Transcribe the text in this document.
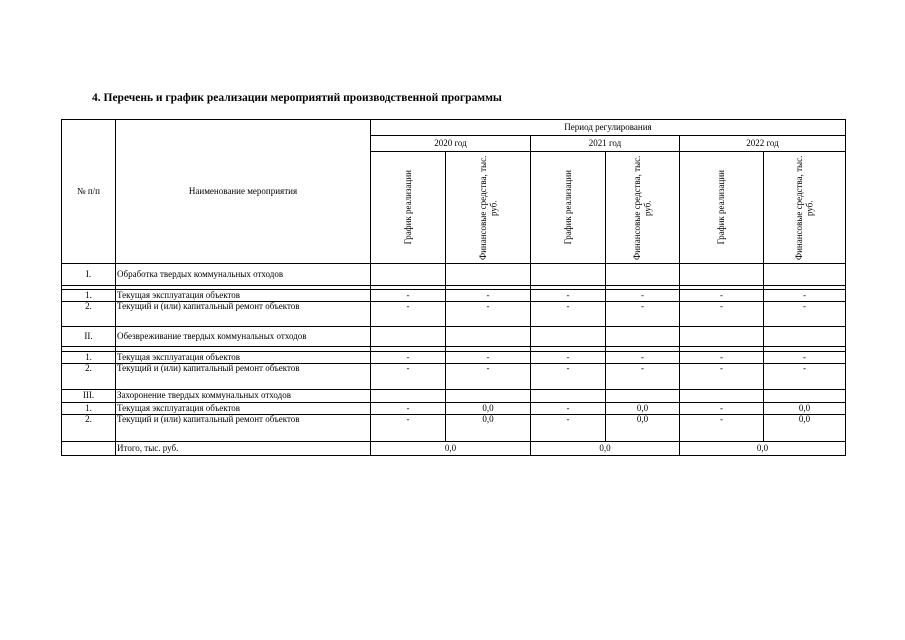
4. Перечень и график реализации мероприятий производственной программы
№ п/п	Наименование мероприятия	Период регулирования					
		2020 год		2021 год		2022 год	

		График реализации	Финансовые средства, тыс. руб.	График реализации	Финансовые средства, тыс. руб.	График реализации	Финансовые средства, тыс. руб.

I.	Обработка твердых коммунальных отходов						

1.	Текущая эксплуатация объектов	-	-	-	-	-	-
2.	Текущий и (или) капитальный ремонт объектов	-	-	-	-	-	-
II.	Обезвреживание твердых коммунальных отходов						

1.	Текущая эксплуатация объектов	-	-	-	-	-	-
2.	Текущий и (или) капитальный ремонт объектов	-	-	-	-	-	-
III.	Захоронение твердых коммунальных отходов						
1.	Текущая эксплуатация объектов	-	0,0	-	0,0	-	0,0
2.	Текущий и (или) капитальный ремонт объектов	-	0,0	-	0,0	-	0,0
	Итого, тыс. руб.	0,0		0,0		0,0	
